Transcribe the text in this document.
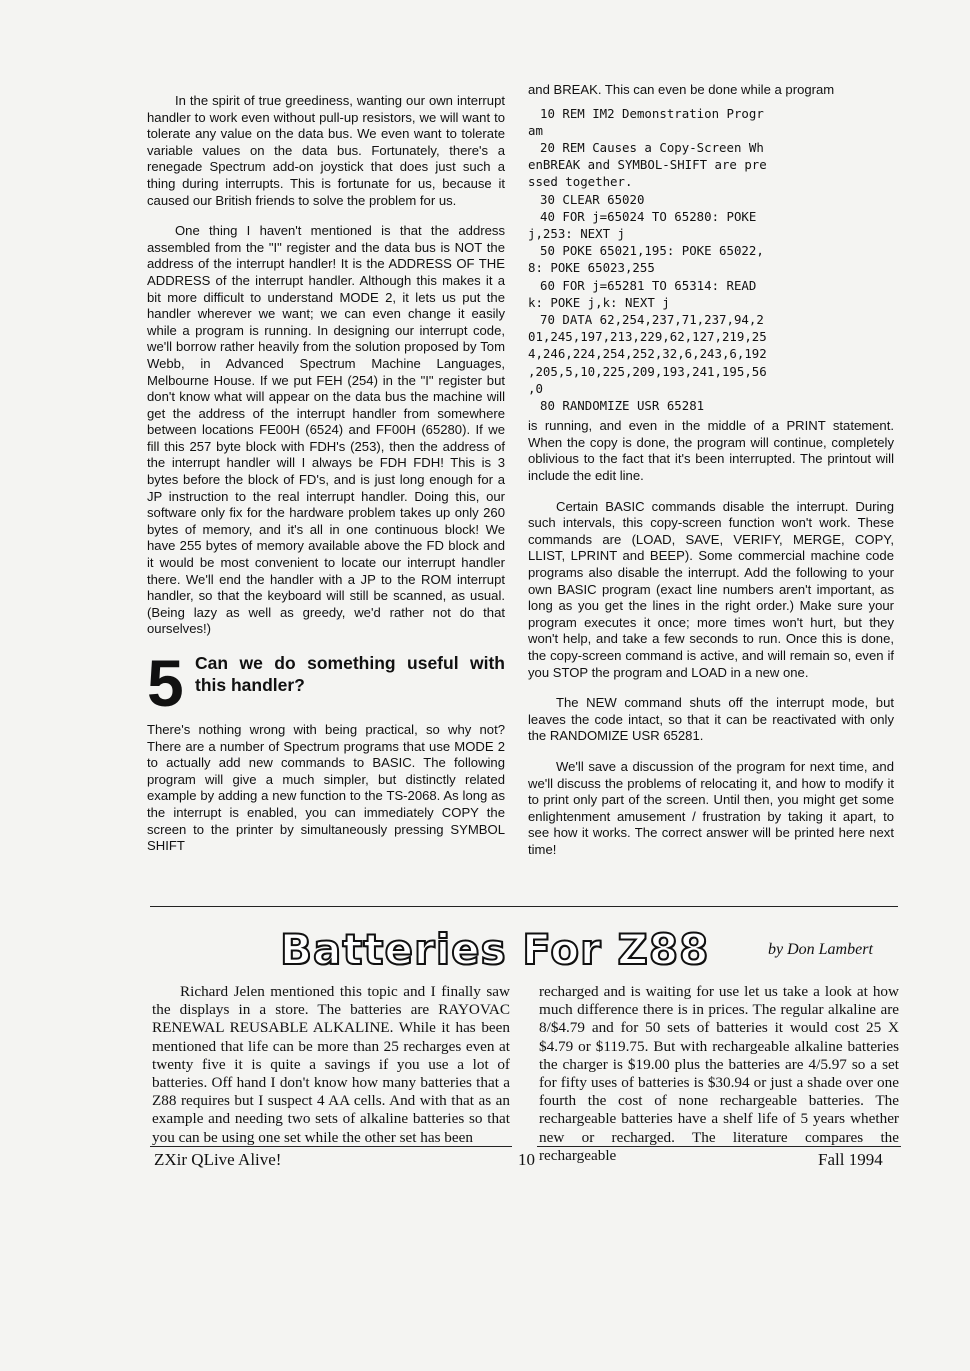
In the spirit of true greediness, wanting our own interrupt handler to work even without pull-up resistors, we will want to tolerate any value on the data bus. We even want to tolerate variable values on the data bus. Fortunately, there's a renegade Spectrum add-on joystick that does just such a thing during interrupts. This is fortunate for us, because it caused our British friends to solve the problem for us.

One thing I haven't mentioned is that the address assembled from the "I" register and the data bus is NOT the address of the interrupt handler! It is the ADDRESS OF THE ADDRESS of the interrupt handler. Although this makes it a bit more difficult to understand MODE 2, it lets us put the handler wherever we want; we can even change it easily while a program is running. In designing our interrupt code, we'll borrow rather heavily from the solution proposed by Tom Webb, in Advanced Spectrum Machine Languages, Melbourne House. If we put FEH (254) in the "I" register but don't know what will appear on the data bus the machine will get the address of the interrupt handler from somewhere between locations FE00H (6524) and FF00H (65280). If we fill this 257 byte block with FDH's (253), then the address of the interrupt handler will I always be FDH FDH! This is 3 bytes before the block of FD's, and is just long enough for a JP instruction to the real interrupt handler. Doing this, our software only fix for the hardware problem takes up only 260 bytes of memory, and it's all in one continuous block! We have 255 bytes of memory available above the FD block and it would be most convenient to locate our interrupt handler there. We'll end the handler with a JP to the ROM interrupt handler, so that the keyboard will still be scanned, as usual. (Being lazy as well as greedy, we'd rather not do that ourselves!)

5 Can we do something useful with this handler?

There's nothing wrong with being practical, so why not? There are a number of Spectrum programs that use MODE 2 to actually add new commands to BASIC. The following program will give a much simpler, but distinctly related example by adding a new function to the TS-2068. As long as the interrupt is enabled, you can immediately COPY the screen to the printer by simultaneously pressing SYMBOL SHIFT

and BREAK. This can even be done while a program

10 REM IM2 Demonstration Progr
am
20 REM Causes a Copy-Screen Wh
enBREAK and SYMBOL-SHIFT are pre
ssed together.
30 CLEAR 65020
40 FOR j=65024 TO 65280: POKE
j,253: NEXT j
50 POKE 65021,195: POKE 65022,
8: POKE 65023,255
60 FOR j=65281 TO 65314: READ
k: POKE j,k: NEXT j
70 DATA 62,254,237,71,237,94,2
01,245,197,213,229,62,127,219,25
4,246,224,254,252,32,6,243,6,192
,205,5,10,225,209,193,241,195,56
,0
80 RANDOMIZE USR 65281

is running, and even in the middle of a PRINT statement. When the copy is done, the program will continue, completely oblivious to the fact that it's been interrupted. The printout will include the edit line.

Certain BASIC commands disable the interrupt. During such intervals, this copy-screen function won't work. These commands are (LOAD, SAVE, VERIFY, MERGE, COPY, LLIST, LPRINT and BEEP). Some commercial machine code programs also disable the interrupt. Add the following to your own BASIC program (exact line numbers aren't important, as long as you get the lines in the right order.) Make sure your program executes it once; more times won't hurt, but they won't help, and take a few seconds to run. Once this is done, the copy-screen command is active, and will remain so, even if you STOP the program and LOAD in a new one.

The NEW command shuts off the interrupt mode, but leaves the code intact, so that it can be reactivated with only the RANDOMIZE USR 65281.

We'll save a discussion of the program for next time, and we'll discuss the problems of relocating it, and how to modify it to print only part of the screen. Until then, you might get some enlightenment amusement / frustration by taking it apart, to see how it works. The correct answer will be printed here next time!

Batteries For Z88	by Don Lambert

Richard Jelen mentioned this topic and I finally saw the displays in a store. The batteries are RAYOVAC RENEWAL REUSABLE ALKALINE. While it has been mentioned that life can be more than 25 recharges even at twenty five it is quite a savings if you use a lot of batteries. Off hand I don't know how many batteries that a Z88 requires but I suspect 4 AA cells. And with that as an example and needing two sets of alkaline batteries so that you can be using one set while the other set has been

recharged and is waiting for use let us take a look at how much difference there is in prices. The regular alkaline are 8/$4.79 and for 50 sets of batteries it would cost 25 X $4.79 or $119.75. But with rechargeable alkaline batteries the charger is $19.00 plus the batteries are 4/5.97 so a set for fifty uses of batteries is $30.94 or just a shade over one fourth the cost of none rechargeable batteries. The rechargeable batteries have a shelf life of 5 years whether new or recharged. The literature compares the rechargeable

ZXir QLive Alive!	10	Fall 1994
